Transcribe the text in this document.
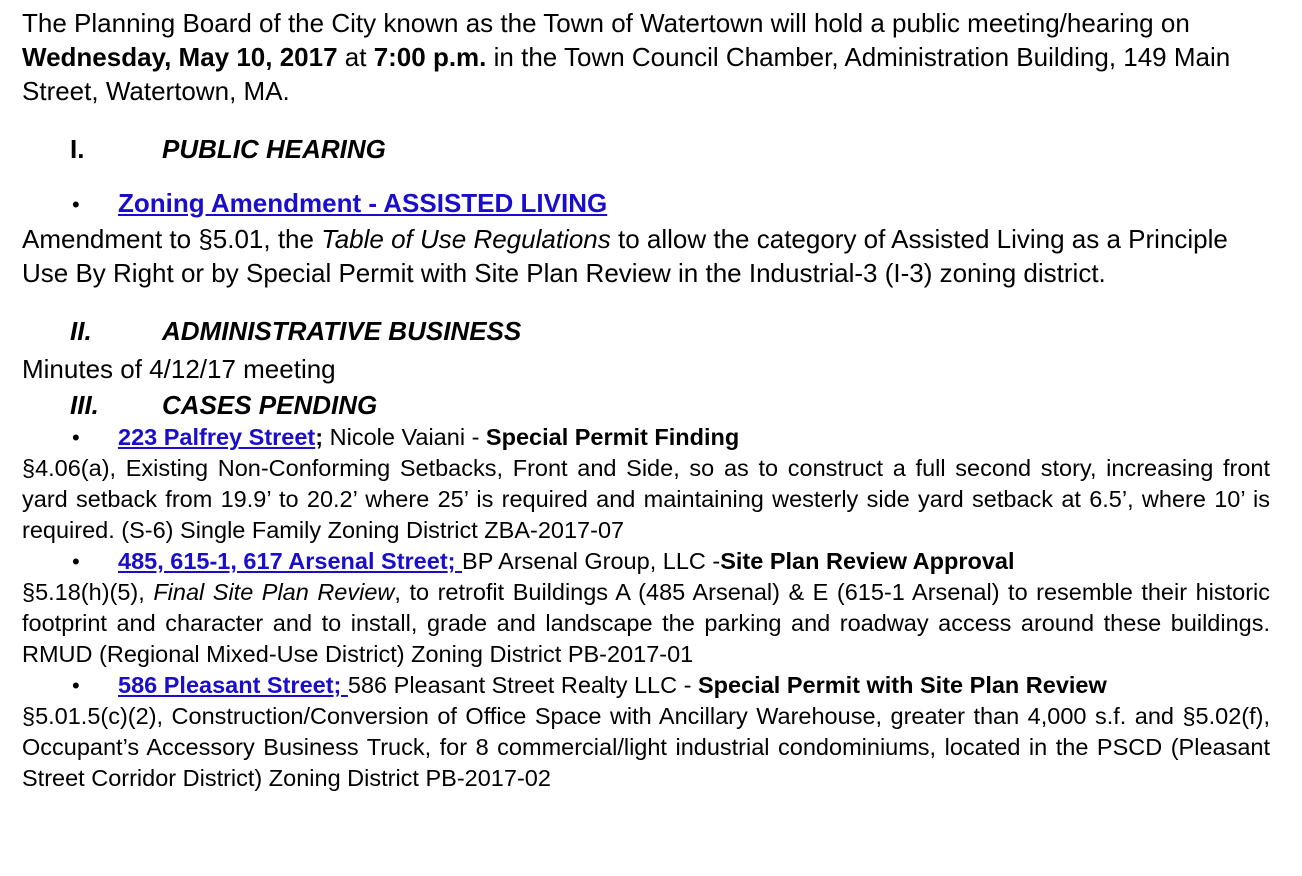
The Planning Board of the City known as the Town of Watertown will hold a public meeting/hearing on Wednesday, May 10, 2017 at 7:00 p.m. in the Town Council Chamber, Administration Building, 149 Main Street, Watertown, MA.
I.	PUBLIC HEARING
•	Zoning Amendment - ASSISTED LIVING
Amendment to §5.01, the Table of Use Regulations to allow the category of Assisted Living as a Principle Use By Right or by Special Permit with Site Plan Review in the Industrial-3 (I-3) zoning district.
II.	ADMINISTRATIVE BUSINESS
Minutes of 4/12/17 meeting
III.	CASES PENDING
•	223 Palfrey Street; Nicole Vaiani - Special Permit Finding
§4.06(a), Existing Non-Conforming Setbacks, Front and Side, so as to construct a full second story, increasing front yard setback from 19.9’ to 20.2’ where 25’ is required and maintaining westerly side yard setback at 6.5’, where 10’ is required. (S-6) Single Family Zoning District ZBA-2017-07
•	485, 615-1, 617 Arsenal Street; BP Arsenal Group, LLC -Site Plan Review Approval
§5.18(h)(5), Final Site Plan Review, to retrofit Buildings A (485 Arsenal) & E (615-1 Arsenal) to resemble their historic footprint and character and to install, grade and landscape the parking and roadway access around these buildings. RMUD (Regional Mixed-Use District) Zoning District PB-2017-01
•	586 Pleasant Street; 586 Pleasant Street Realty LLC - Special Permit with Site Plan Review
§5.01.5(c)(2), Construction/Conversion of Office Space with Ancillary Warehouse, greater than 4,000 s.f. and §5.02(f), Occupant’s Accessory Business Truck, for 8 commercial/light industrial condominiums, located in the PSCD (Pleasant Street Corridor District) Zoning District PB-2017-02
